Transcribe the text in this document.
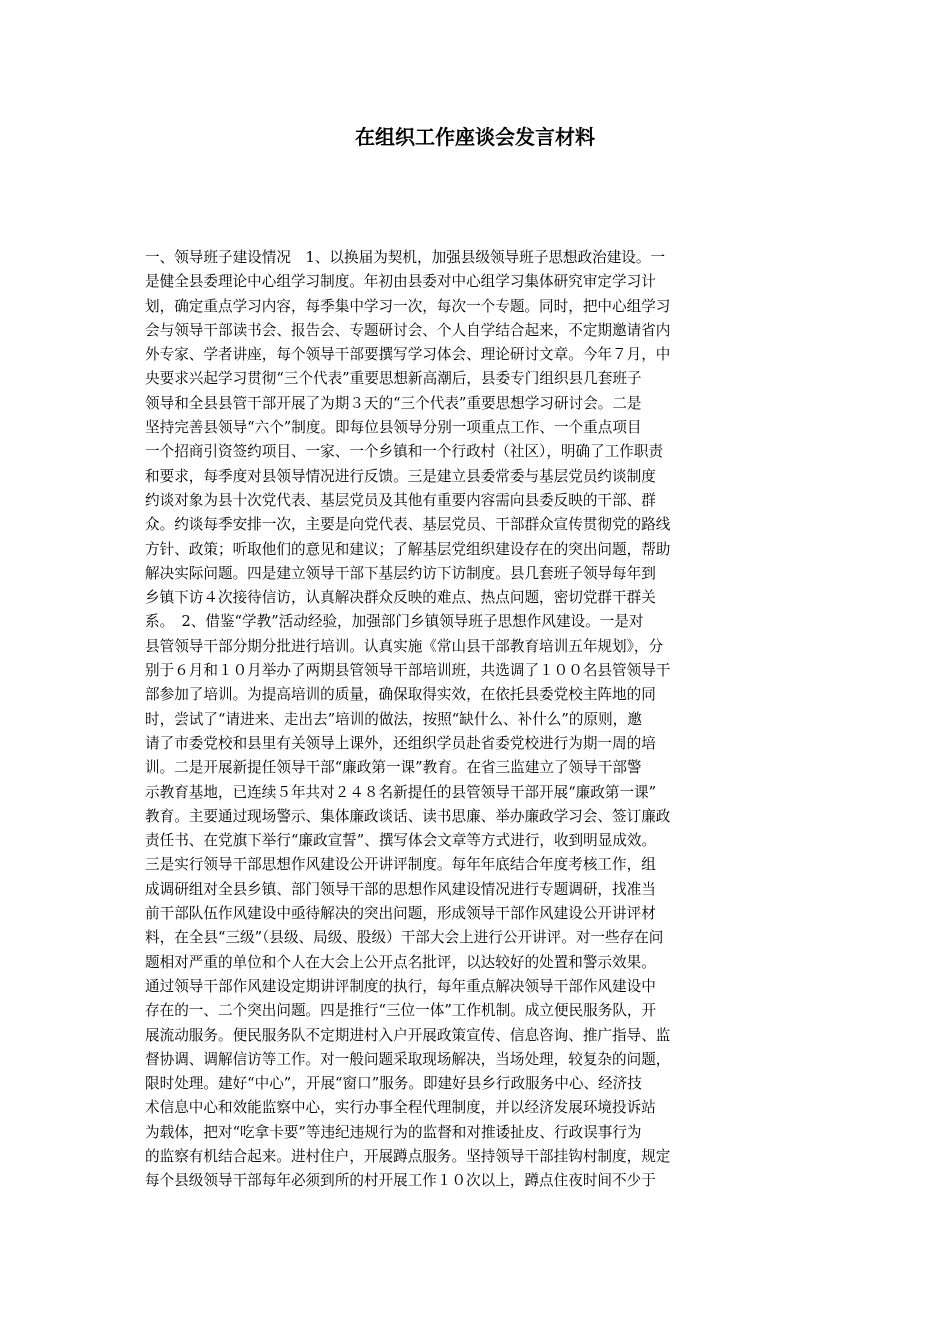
在组织工作座谈会发言材料
一、领导班子建设情况　1、以换届为契机，加强县级领导班子思想政治建设。一
是健全县委理论中心组学习制度。年初由县委对中心组学习集体研究审定学习计
划，确定重点学习内容，每季集中学习一次，每次一个专题。同时，把中心组学习
会与领导干部读书会、报告会、专题研讨会、个人自学结合起来，不定期邀请省内
外专家、学者讲座，每个领导干部要撰写学习体会、理论研讨文章。今年７月，中
央要求兴起学习贯彻“三个代表”重要思想新高潮后，县委专门组织县几套班子
领导和全县县管干部开展了为期３天的“三个代表”重要思想学习研讨会。二是
坚持完善县领导“六个”制度。即每位县领导分别一项重点工作、一个重点项目
一个招商引资签约项目、一家、一个乡镇和一个行政村（社区），明确了工作职责
和要求，每季度对县领导情况进行反馈。三是建立县委常委与基层党员约谈制度
约谈对象为县十次党代表、基层党员及其他有重要内容需向县委反映的干部、群
众。约谈每季安排一次，主要是向党代表、基层党员、干部群众宣传贯彻党的路线
方针、政策；听取他们的意见和建议；了解基层党组织建设存在的突出问题，帮助
解决实际问题。四是建立领导干部下基层约访下访制度。县几套班子领导每年到
乡镇下访４次接待信访，认真解决群众反映的难点、热点问题，密切党群干群关
系。　2、借鉴“学教”活动经验，加强部门乡镇领导班子思想作风建设。一是对
县管领导干部分期分批进行培训。认真实施《常山县干部教育培训五年规划》，分
别于６月和１０月举办了两期县管领导干部培训班，共选调了１００名县管领导干
部参加了培训。为提高培训的质量，确保取得实效，在依托县委党校主阵地的同
时，尝试了“请进来、走出去”培训的做法，按照“缺什么、补什么”的原则，邀
请了市委党校和县里有关领导上课外，还组织学员赴省委党校进行为期一周的培
训。二是开展新提任领导干部“廉政第一课”教育。在省三监建立了领导干部警
示教育基地，已连续５年共对２４８名新提任的县管领导干部开展“廉政第一课”
教育。主要通过现场警示、集体廉政谈话、读书思廉、举办廉政学习会、签订廉政
责任书、在党旗下举行“廉政宣誓”、撰写体会文章等方式进行，收到明显成效。
三是实行领导干部思想作风建设公开讲评制度。每年年底结合年度考核工作，组
成调研组对全县乡镇、部门领导干部的思想作风建设情况进行专题调研，找准当
前干部队伍作风建设中亟待解决的突出问题，形成领导干部作风建设公开讲评材
料，在全县“三级”（县级、局级、股级）干部大会上进行公开讲评。对一些存在问
题相对严重的单位和个人在大会上公开点名批评，以达较好的处置和警示效果。
通过领导干部作风建设定期讲评制度的执行，每年重点解决领导干部作风建设中
存在的一、二个突出问题。四是推行“三位一体”工作机制。成立便民服务队，开
展流动服务。便民服务队不定期进村入户开展政策宣传、信息咨询、推广指导、监
督协调、调解信访等工作。对一般问题采取现场解决，当场处理，较复杂的问题，
限时处理。建好“中心”，开展“窗口”服务。即建好县乡行政服务中心、经济技
术信息中心和效能监察中心，实行办事全程代理制度，并以经济发展环境投诉站
为载体，把对“吃拿卡要”等违纪违规行为的监督和对推诿扯皮、行政误事行为
的监察有机结合起来。进村住户，开展蹲点服务。坚持领导干部挂钩村制度，规定
每个县级领导干部每年必须到所的村开展工作１０次以上，蹲点住夜时间不少于
